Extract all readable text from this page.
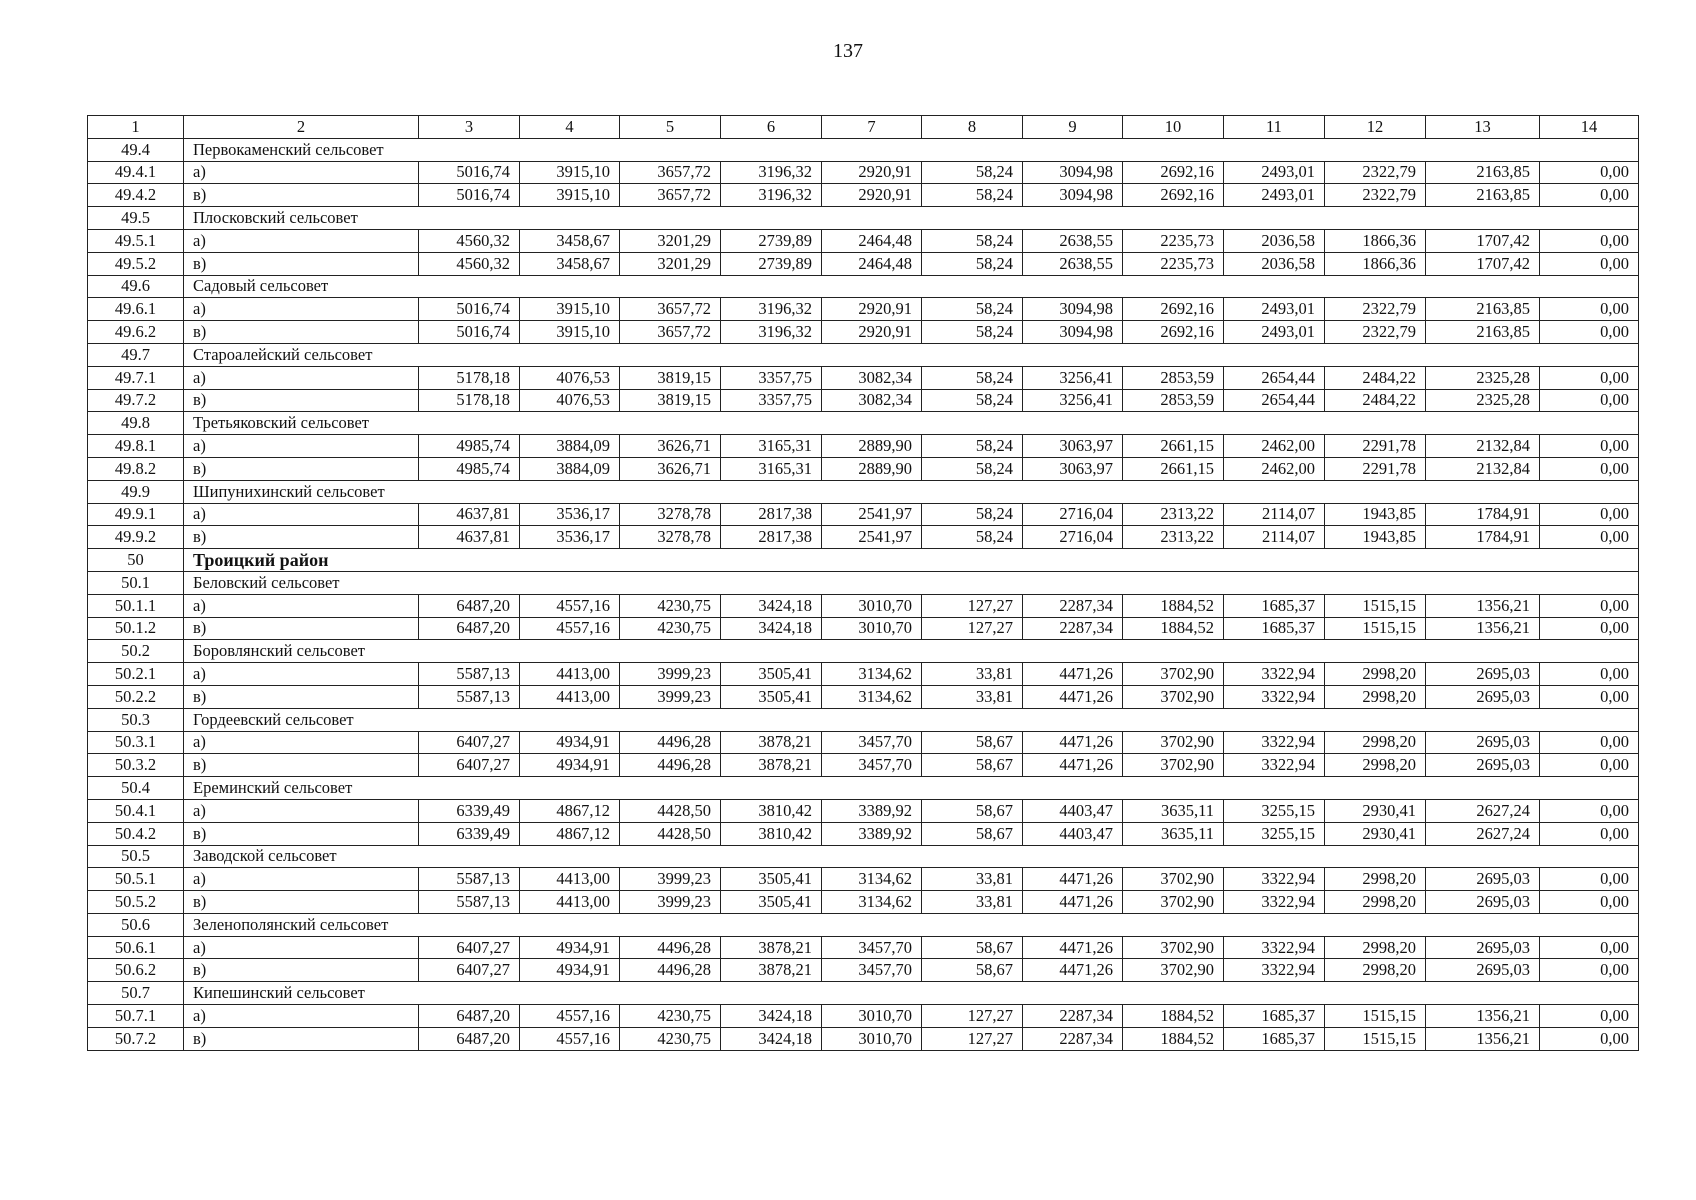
137
1	2	3	4	5	6	7	8	9	10	11	12	13	14
49.4	Первокаменский сельсовет												
49.4.1	а)	5016,74	3915,10	3657,72	3196,32	2920,91	58,24	3094,98	2692,16	2493,01	2322,79	2163,85	0,00
49.4.2	в)	5016,74	3915,10	3657,72	3196,32	2920,91	58,24	3094,98	2692,16	2493,01	2322,79	2163,85	0,00
49.5	Плосковский сельсовет												
49.5.1	а)	4560,32	3458,67	3201,29	2739,89	2464,48	58,24	2638,55	2235,73	2036,58	1866,36	1707,42	0,00
49.5.2	в)	4560,32	3458,67	3201,29	2739,89	2464,48	58,24	2638,55	2235,73	2036,58	1866,36	1707,42	0,00
49.6	Садовый сельсовет												
49.6.1	а)	5016,74	3915,10	3657,72	3196,32	2920,91	58,24	3094,98	2692,16	2493,01	2322,79	2163,85	0,00
49.6.2	в)	5016,74	3915,10	3657,72	3196,32	2920,91	58,24	3094,98	2692,16	2493,01	2322,79	2163,85	0,00
49.7	Староалейский сельсовет												
49.7.1	а)	5178,18	4076,53	3819,15	3357,75	3082,34	58,24	3256,41	2853,59	2654,44	2484,22	2325,28	0,00
49.7.2	в)	5178,18	4076,53	3819,15	3357,75	3082,34	58,24	3256,41	2853,59	2654,44	2484,22	2325,28	0,00
49.8	Третьяковский сельсовет												
49.8.1	а)	4985,74	3884,09	3626,71	3165,31	2889,90	58,24	3063,97	2661,15	2462,00	2291,78	2132,84	0,00
49.8.2	в)	4985,74	3884,09	3626,71	3165,31	2889,90	58,24	3063,97	2661,15	2462,00	2291,78	2132,84	0,00
49.9	Шипунихинский сельсовет												
49.9.1	а)	4637,81	3536,17	3278,78	2817,38	2541,97	58,24	2716,04	2313,22	2114,07	1943,85	1784,91	0,00
49.9.2	в)	4637,81	3536,17	3278,78	2817,38	2541,97	58,24	2716,04	2313,22	2114,07	1943,85	1784,91	0,00
50	Троицкий район												
50.1	Беловский сельсовет												
50.1.1	а)	6487,20	4557,16	4230,75	3424,18	3010,70	127,27	2287,34	1884,52	1685,37	1515,15	1356,21	0,00
50.1.2	в)	6487,20	4557,16	4230,75	3424,18	3010,70	127,27	2287,34	1884,52	1685,37	1515,15	1356,21	0,00
50.2	Боровлянский сельсовет												
50.2.1	а)	5587,13	4413,00	3999,23	3505,41	3134,62	33,81	4471,26	3702,90	3322,94	2998,20	2695,03	0,00
50.2.2	в)	5587,13	4413,00	3999,23	3505,41	3134,62	33,81	4471,26	3702,90	3322,94	2998,20	2695,03	0,00
50.3	Гордеевский сельсовет												
50.3.1	а)	6407,27	4934,91	4496,28	3878,21	3457,70	58,67	4471,26	3702,90	3322,94	2998,20	2695,03	0,00
50.3.2	в)	6407,27	4934,91	4496,28	3878,21	3457,70	58,67	4471,26	3702,90	3322,94	2998,20	2695,03	0,00
50.4	Ереминский сельсовет												
50.4.1	а)	6339,49	4867,12	4428,50	3810,42	3389,92	58,67	4403,47	3635,11	3255,15	2930,41	2627,24	0,00
50.4.2	в)	6339,49	4867,12	4428,50	3810,42	3389,92	58,67	4403,47	3635,11	3255,15	2930,41	2627,24	0,00
50.5	Заводской сельсовет												
50.5.1	а)	5587,13	4413,00	3999,23	3505,41	3134,62	33,81	4471,26	3702,90	3322,94	2998,20	2695,03	0,00
50.5.2	в)	5587,13	4413,00	3999,23	3505,41	3134,62	33,81	4471,26	3702,90	3322,94	2998,20	2695,03	0,00
50.6	Зеленополянский сельсовет												
50.6.1	а)	6407,27	4934,91	4496,28	3878,21	3457,70	58,67	4471,26	3702,90	3322,94	2998,20	2695,03	0,00
50.6.2	в)	6407,27	4934,91	4496,28	3878,21	3457,70	58,67	4471,26	3702,90	3322,94	2998,20	2695,03	0,00
50.7	Кипешинский сельсовет												
50.7.1	а)	6487,20	4557,16	4230,75	3424,18	3010,70	127,27	2287,34	1884,52	1685,37	1515,15	1356,21	0,00
50.7.2	в)	6487,20	4557,16	4230,75	3424,18	3010,70	127,27	2287,34	1884,52	1685,37	1515,15	1356,21	0,00
